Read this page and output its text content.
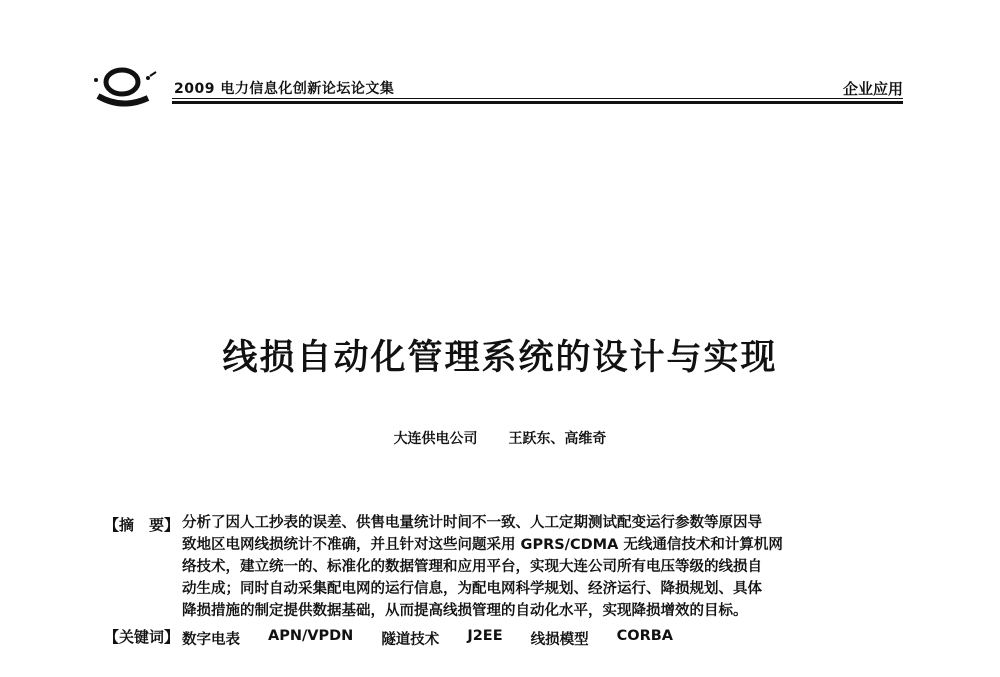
2009 电力信息化创新论坛论文集	企业应用
线损自动化管理系统的设计与实现
大连供电公司 王跃东、高维奇
【摘　要】 分析了因人工抄表的误差、供售电量统计时间不一致、人工定期测试配变运行参数等原因导
致地区电网线损统计不准确，并且针对这些问题采用 GPRS/CDMA 无线通信技术和计算机网
络技术，建立统一的、标准化的数据管理和应用平台，实现大连公司所有电压等级的线损自
动生成；同时自动采集配电网的运行信息，为配电网科学规划、经济运行、降损规划、具体
降损措施的制定提供数据基础，从而提高线损管理的自动化水平，实现降损增效的目标。
【关键词】 数字电表 APN/VPDN 隧道技术 J2EE 线损模型 CORBA
